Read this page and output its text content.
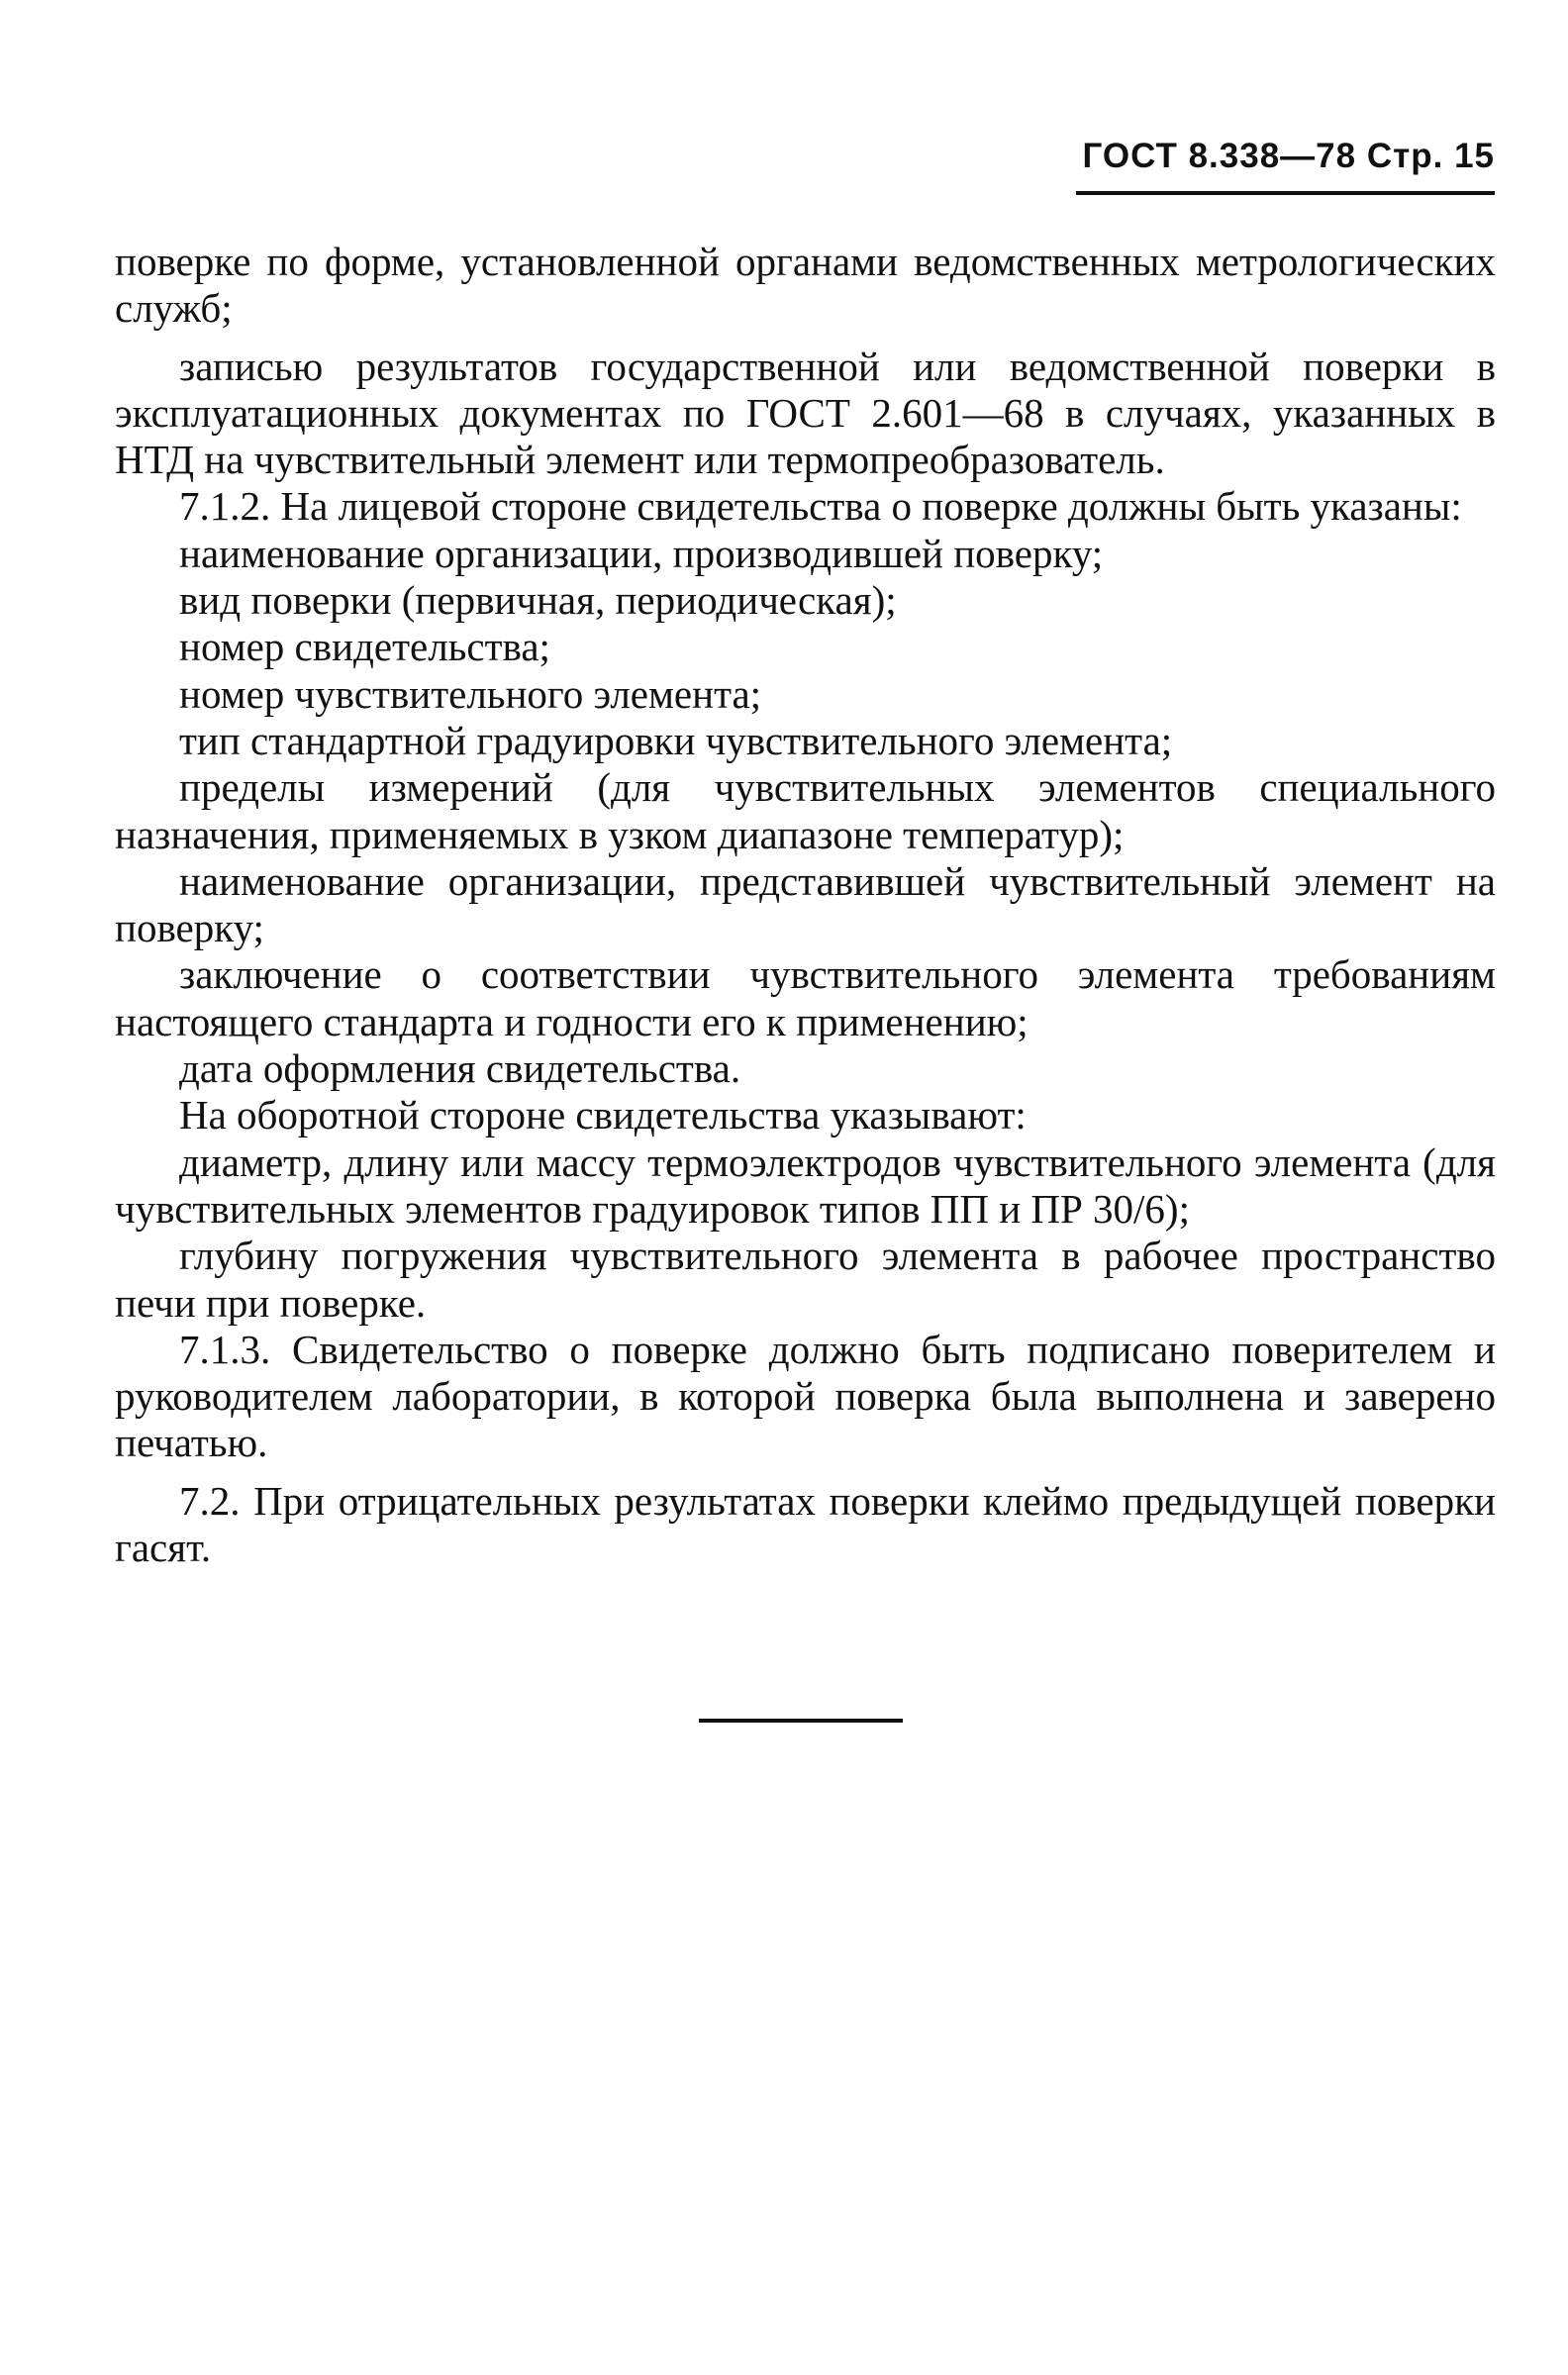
ГОСТ 8.338—78 Стр. 15

поверке по форме, установленной органами ведомственных метрологических служб;

записью результатов государственной или ведомственной поверки в эксплуатационных документах по ГОСТ 2.601—68 в случаях, указанных в НТД на чувствительный элемент или термопреобразователь.

7.1.2. На лицевой стороне свидетельства о поверке должны быть указаны:

наименование организации, производившей поверку;

вид поверки (первичная, периодическая);

номер свидетельства;

номер чувствительного элемента;

тип стандартной градуировки чувствительного элемента;

пределы измерений (для чувствительных элементов специального назначения, применяемых в узком диапазоне температур);

наименование организации, представившей чувствительный элемент на поверку;

заключение о соответствии чувствительного элемента требованиям настоящего стандарта и годности его к применению;

дата оформления свидетельства.

На оборотной стороне свидетельства указывают:

диаметр, длину или массу термоэлектродов чувствительного элемента (для чувствительных элементов градуировок типов ПП и ПР 30/6);

глубину погружения чувствительного элемента в рабочее пространство печи при поверке.

7.1.3. Свидетельство о поверке должно быть подписано поверителем и руководителем лаборатории, в которой поверка была выполнена и заверено печатью.

7.2. При отрицательных результатах поверки клеймо предыдущей поверки гасят.
